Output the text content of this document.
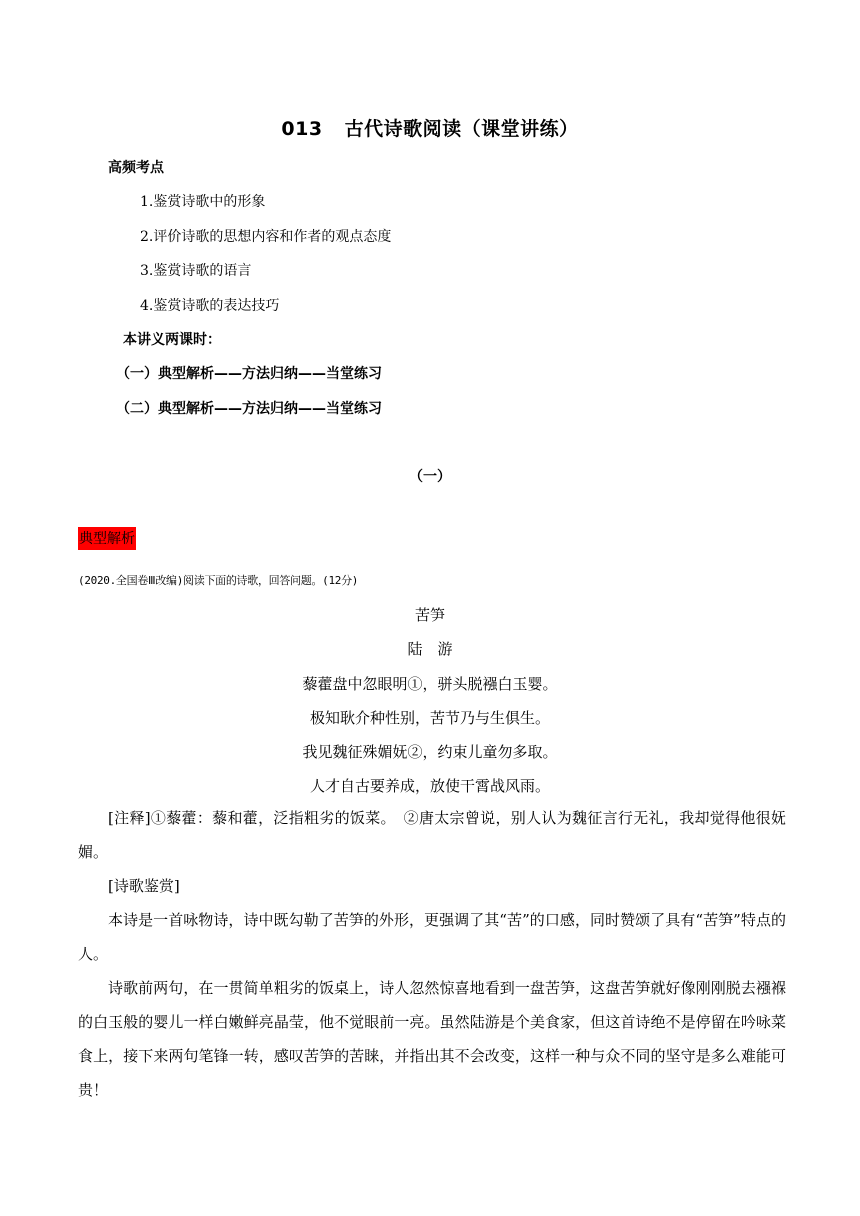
013 古代诗歌阅读（课堂讲练）
高频考点
1.鉴赏诗歌中的形象
2.评价诗歌的思想内容和作者的观点态度
3.鉴赏诗歌的语言
4.鉴赏诗歌的表达技巧
本讲义两课时：
（一）典型解析——方法归纳——当堂练习
（二）典型解析——方法归纳——当堂练习
（一）
典型解析
(2020.全国卷Ⅲ改编)阅读下面的诗歌，回答问题。(12分)
苦笋
陆　游
藜藿盘中忽眼明①，骈头脱襁白玉婴。
极知耿介种性别，苦节乃与生俱生。
我见魏征殊媚妩②，约束儿童勿多取。
人才自古要养成，放使干霄战风雨。

[注释]①藜藿：藜和藿，泛指粗劣的饭菜。　②唐太宗曾说，别人认为魏征言行无礼，我却觉得他很妩媚。

[诗歌鉴赏]

本诗是一首咏物诗，诗中既勾勒了苦笋的外形，更强调了其“苦”的口感，同时赞颂了具有“苦笋”特点的人。

诗歌前两句，在一贯简单粗劣的饭桌上，诗人忽然惊喜地看到一盘苦笋，这盘苦笋就好像刚刚脱去襁褓的白玉般的婴儿一样白嫩鲜亮晶莹，他不觉眼前一亮。虽然陆游是个美食家，但这首诗绝不是停留在吟咏菜食上，接下来两句笔锋一转，感叹苦笋的苦睐，并指出其不会改变，这样一种与众不同的坚守是多么难能可贵！
